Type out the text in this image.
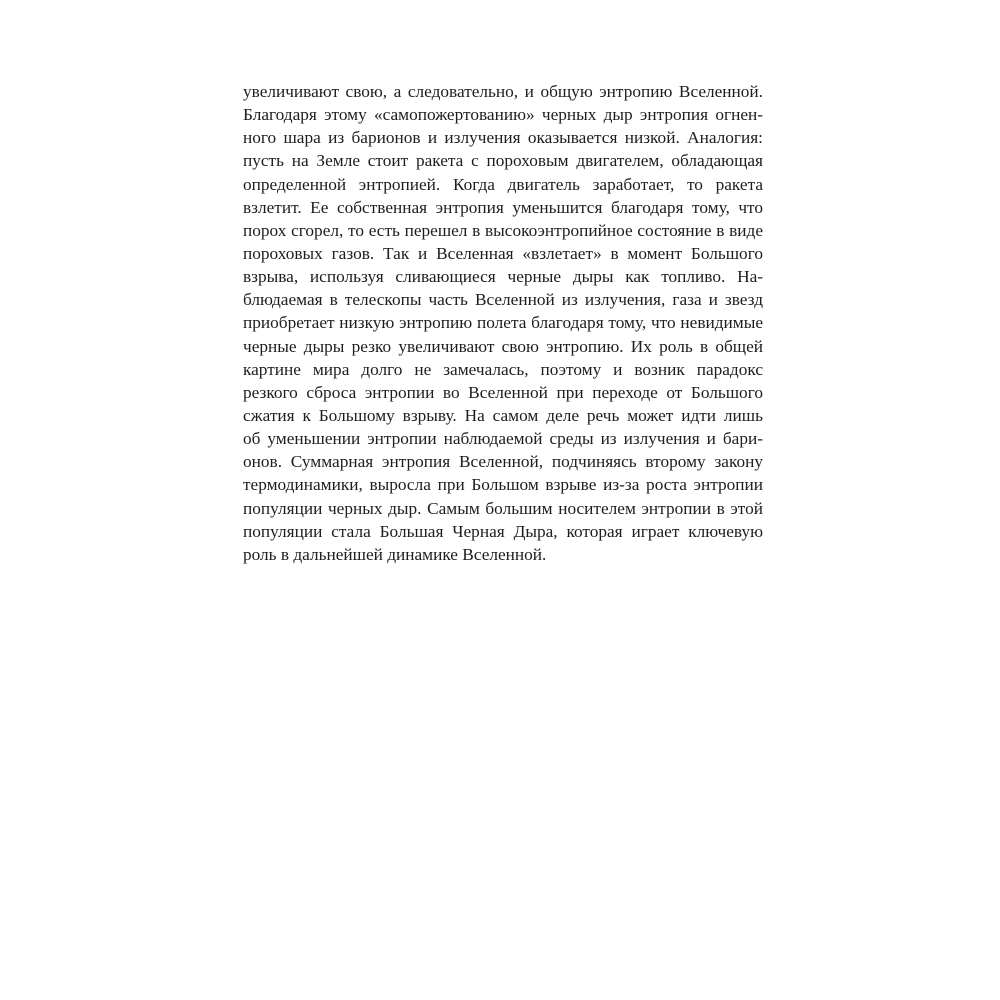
увеличивают свою, а следовательно, и общую энтропию Вселенной.
Благодаря этому «самопожертованию» черных дыр энтропия огнен-
ного шара из барионов и излучения оказывается низкой. Аналогия:
пусть на Земле стоит ракета с пороховым двигателем, обладающая
определенной энтропией. Когда двигатель заработает, то ракета
взлетит. Ее собственная энтропия уменьшится благодаря тому, что
порох сгорел, то есть перешел в высокоэнтропийное состояние в виде
пороховых газов. Так и Вселенная «взлетает» в момент Большого
взрыва, используя сливающиеся черные дыры как топливо. На-
блюдаемая в телескопы часть Вселенной из излучения, газа и звезд
приобретает низкую энтропию полета благодаря тому, что невидимые
черные дыры резко увеличивают свою энтропию. Их роль в общей
картине мира долго не замечалась, поэтому и возник парадокс
резкого сброса энтропии во Вселенной при переходе от Большого
сжатия к Большому взрыву. На самом деле речь может идти лишь
об уменьшении энтропии наблюдаемой среды из излучения и бари-
онов. Суммарная энтропия Вселенной, подчиняясь второму закону
термодинамики, выросла при Большом взрыве из-за роста энтропии
популяции черных дыр. Самым большим носителем энтропии в этой
популяции стала Большая Черная Дыра, которая играет ключевую
роль в дальнейшей динамике Вселенной.
